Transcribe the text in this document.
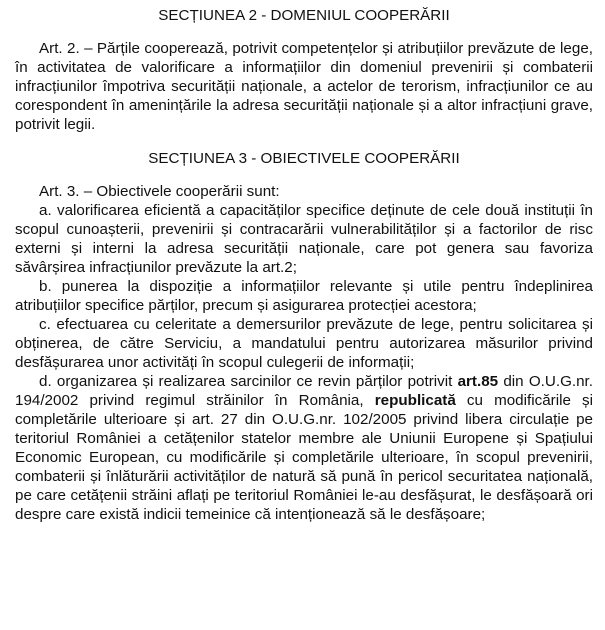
SECȚIUNEA 2 - DOMENIUL COOPERĂRII

Art. 2. – Părțile cooperează, potrivit competențelor și atribuțiilor prevăzute de lege, în activitatea de valorificare a informațiilor din domeniul prevenirii și combaterii infracțiunilor împotriva securității naționale, a actelor de terorism, infracțiunilor ce au corespondent în amenințările la adresa securității naționale și a altor infracțiuni grave, potrivit legii.

SECȚIUNEA 3 - OBIECTIVELE COOPERĂRII

Art. 3. – Obiectivele cooperării sunt:

a. valorificarea eficientă a capacităților specifice deținute de cele două instituții în scopul cunoașterii, prevenirii și contracarării vulnerabilităților și a factorilor de risc externi și interni la adresa securității naționale, care pot genera sau favoriza săvârșirea infracțiunilor prevăzute la art.2;

b. punerea la dispoziție a informațiilor relevante și utile pentru îndeplinirea atribuțiilor specifice părților, precum și asigurarea protecției acestora;

c. efectuarea cu celeritate a demersurilor prevăzute de lege, pentru solicitarea și obținerea, de către Serviciu, a mandatului pentru autorizarea măsurilor privind desfășurarea unor activități în scopul culegerii de informații;

d. organizarea și realizarea sarcinilor ce revin părților potrivit art.85 din O.U.G.nr. 194/2002 privind regimul străinilor în România, republicată cu modificările și completările ulterioare și art. 27 din O.U.G.nr. 102/2005 privind libera circulație pe teritoriul României a cetățenilor statelor membre ale Uniunii Europene și Spațiului Economic European, cu modificările și completările ulterioare, în scopul prevenirii, combaterii și înlăturării activităților de natură să pună în pericol securitatea națională, pe care cetățenii străini aflați pe teritoriul României le-au desfășurat, le desfășoară ori despre care există indicii temeinice că intenționează să le desfășoare;
